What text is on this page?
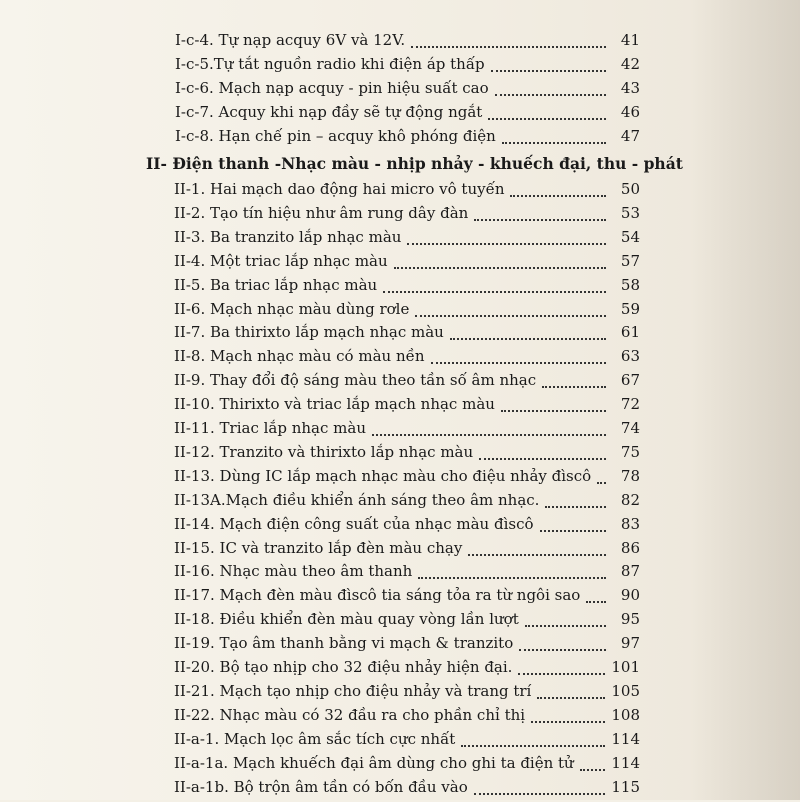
I-c-4. Tự nạp acquy 6V và 12V.	41
I-c-5.Tự tắt nguồn radio khi điện áp thấp	42
I-c-6. Mạch nạp acquy - pin hiệu suất cao	43
I-c-7. Acquy khi nạp đầy sẽ tự động ngắt	46
I-c-8. Hạn chế pin – acquy khô phóng điện	47
II- Điện thanh -Nhạc màu - nhịp nhảy - khuếch đại, thu - phát
II-1. Hai mạch dao động hai micro vô tuyến	50
II-2. Tạo tín hiệu như âm rung dây đàn	53
II-3. Ba tranzito lắp nhạc màu	54
II-4. Một triac lắp nhạc màu	57
II-5. Ba triac lắp nhạc màu	58
II-6. Mạch nhạc màu dùng rơle	59
II-7. Ba thirixto lắp mạch nhạc màu	61
II-8. Mạch nhạc màu có màu nền	63
II-9. Thay đổi độ sáng màu theo tần số âm nhạc	67
II-10. Thirixto và triac lắp mạch nhạc màu	72
II-11. Triac lắp nhạc màu	74
II-12. Tranzito và thirixto lắp nhạc màu	75
II-13. Dùng IC lắp mạch nhạc màu cho điệu nhảy đìscô	78
II-13A.Mạch điều khiển ánh sáng theo âm nhạc.	82
II-14. Mạch điện công suất của nhạc màu đìscô	83
II-15. IC và tranzito lắp đèn màu chạy	86
II-16. Nhạc màu theo âm thanh	87
II-17. Mạch đèn màu đìscô tia sáng tỏa ra từ ngôi sao	90
II-18. Điều khiển đèn màu quay vòng lần lượt	95
II-19. Tạo âm thanh bằng vi mạch & tranzito	97
II-20. Bộ tạo nhịp cho 32 điệu nhảy hiện đại.	101
II-21. Mạch tạo nhịp cho điệu nhảy và trang trí	105
II-22. Nhạc màu có 32 đầu ra cho phần chỉ thị	108
II-a-1. Mạch lọc âm sắc tích cực nhất	114
II-a-1a. Mạch khuếch đại âm dùng cho ghi ta điện tử	114
II-a-1b. Bộ trộn âm tần có bốn đầu vào	115
